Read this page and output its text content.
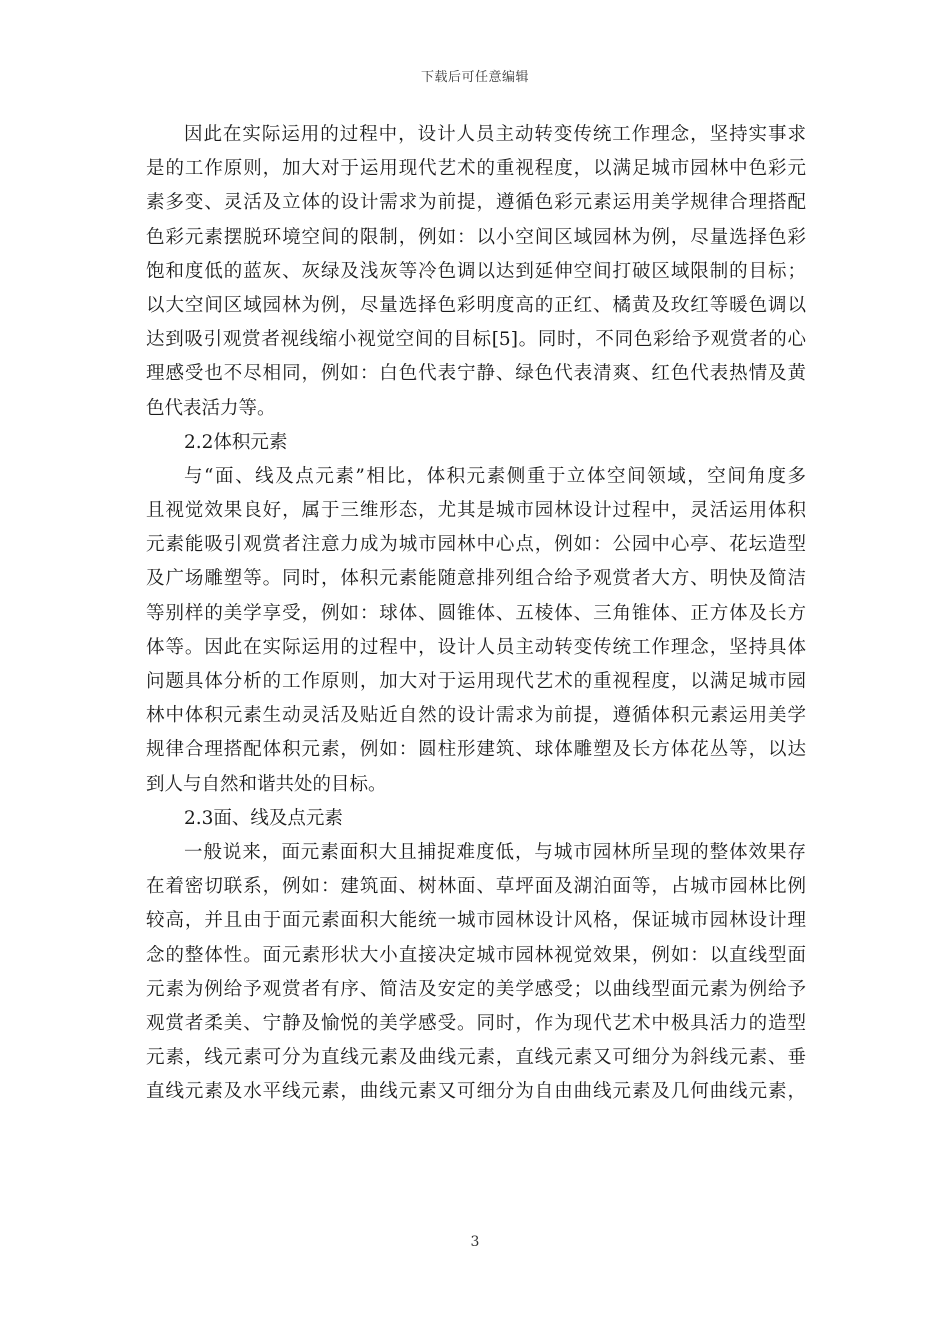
下载后可任意编辑
因此在实际运用的过程中，设计人员主动转变传统工作理念，坚持实事求
是的工作原则，加大对于运用现代艺术的重视程度，以满足城市园林中色彩元
素多变、灵活及立体的设计需求为前提，遵循色彩元素运用美学规律合理搭配
色彩元素摆脱环境空间的限制，例如：以小空间区域园林为例，尽量选择色彩
饱和度低的蓝灰、灰绿及浅灰等冷色调以达到延伸空间打破区域限制的目标；
以大空间区域园林为例，尽量选择色彩明度高的正红、橘黄及玫红等暖色调以
达到吸引观赏者视线缩小视觉空间的目标[5]。同时，不同色彩给予观赏者的心
理感受也不尽相同，例如：白色代表宁静、绿色代表清爽、红色代表热情及黄
色代表活力等。
2.2体积元素
与“面、线及点元素”相比，体积元素侧重于立体空间领域，空间角度多
且视觉效果良好，属于三维形态，尤其是城市园林设计过程中，灵活运用体积
元素能吸引观赏者注意力成为城市园林中心点，例如：公园中心亭、花坛造型
及广场雕塑等。同时，体积元素能随意排列组合给予观赏者大方、明快及简洁
等别样的美学享受，例如：球体、圆锥体、五棱体、三角锥体、正方体及长方
体等。因此在实际运用的过程中，设计人员主动转变传统工作理念，坚持具体
问题具体分析的工作原则，加大对于运用现代艺术的重视程度，以满足城市园
林中体积元素生动灵活及贴近自然的设计需求为前提，遵循体积元素运用美学
规律合理搭配体积元素，例如：圆柱形建筑、球体雕塑及长方体花丛等，以达
到人与自然和谐共处的目标。
2.3面、线及点元素
一般说来，面元素面积大且捕捉难度低，与城市园林所呈现的整体效果存
在着密切联系，例如：建筑面、树林面、草坪面及湖泊面等，占城市园林比例
较高，并且由于面元素面积大能统一城市园林设计风格，保证城市园林设计理
念的整体性。面元素形状大小直接决定城市园林视觉效果，例如：以直线型面
元素为例给予观赏者有序、简洁及安定的美学感受；以曲线型面元素为例给予
观赏者柔美、宁静及愉悦的美学感受。同时，作为现代艺术中极具活力的造型
元素，线元素可分为直线元素及曲线元素，直线元素又可细分为斜线元素、垂
直线元素及水平线元素，曲线元素又可细分为自由曲线元素及几何曲线元素，
3
